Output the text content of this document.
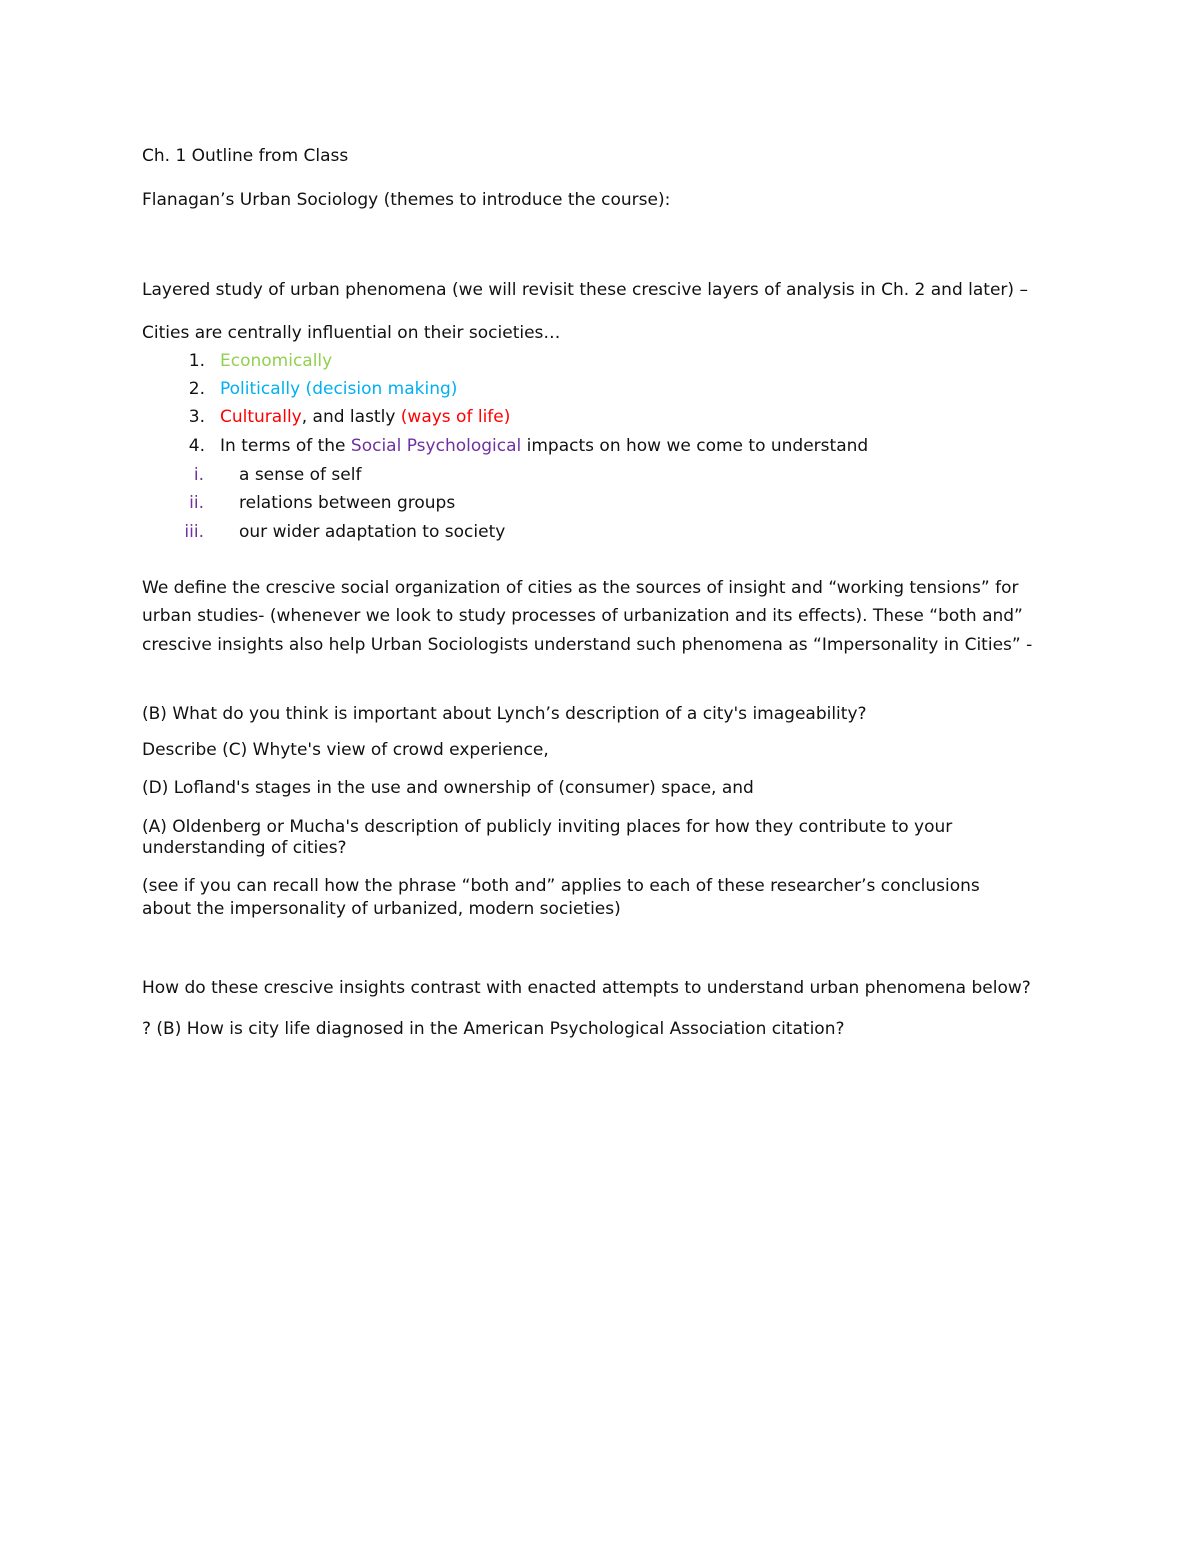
Ch. 1 Outline from Class
Flanagan’s Urban Sociology (themes to introduce the course):
Layered study of urban phenomena (we will revisit these crescive layers of analysis in Ch. 2 and later) –
Cities are centrally influential on their societies…
1. Economically
2. Politically (decision making)
3. Culturally, and lastly (ways of life)
4. In terms of the Social Psychological impacts on how we come to understand
i. a sense of self
ii. relations between groups
iii. our wider adaptation to society
We define the crescive social organization of cities as the sources of insight and “working tensions” for
urban studies- (whenever we look to study processes of urbanization and its effects). These “both and”
crescive insights also help Urban Sociologists understand such phenomena as “Impersonality in Cities” -
(B) What do you think is important about Lynch’s description of a city's imageability?
Describe (C) Whyte's view of crowd experience,
(D) Lofland's stages in the use and ownership of (consumer) space, and
(A) Oldenberg or Mucha's description of publicly inviting places for how they contribute to your
understanding of cities?
(see if you can recall how the phrase “both and” applies to each of these researcher’s conclusions
about the impersonality of urbanized, modern societies)
How do these crescive insights contrast with enacted attempts to understand urban phenomena below?
? (B) How is city life diagnosed in the American Psychological Association citation?
